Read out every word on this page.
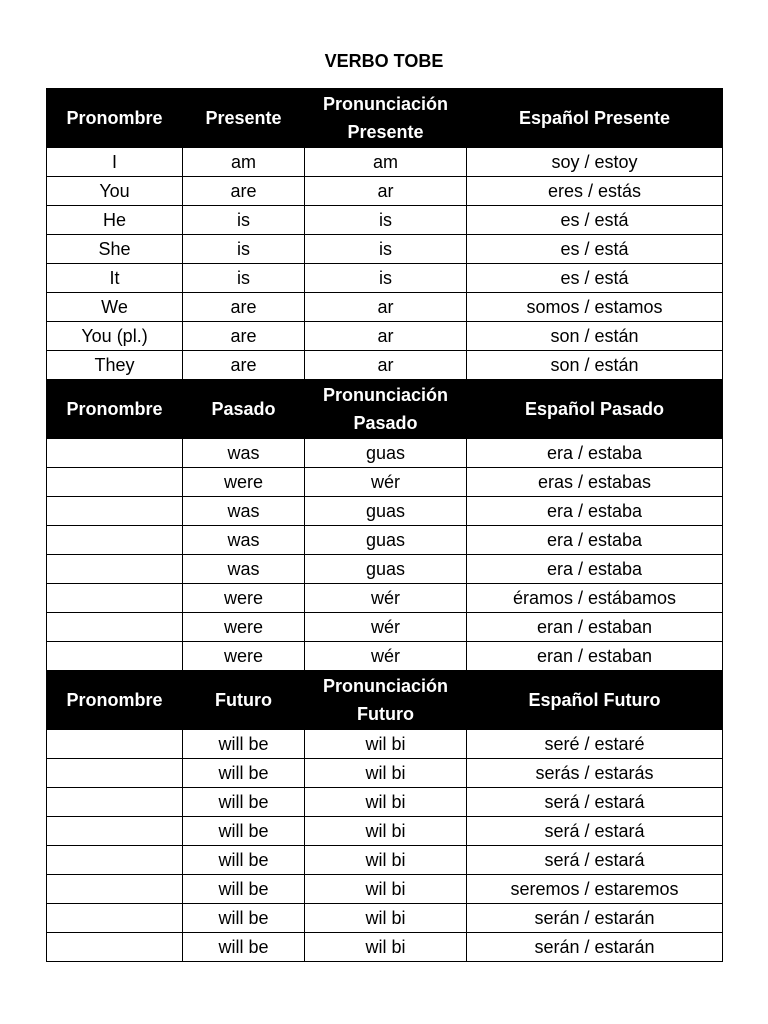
VERBO TOBE
Pronombre	Presente	Pronunciación Presente	Español Presente
I	am	am	soy / estoy
You	are	ar	eres / estás
He	is	is	es / está
She	is	is	es / está
It	is	is	es / está
We	are	ar	somos / estamos
You (pl.)	are	ar	son / están
They	are	ar	son / están
Pronombre	Pasado	Pronunciación Pasado	Español Pasado
	was	guas	era / estaba
	were	wér	eras / estabas
	was	guas	era / estaba
	was	guas	era / estaba
	was	guas	era / estaba
	were	wér	éramos / estábamos
	were	wér	eran / estaban
	were	wér	eran / estaban
Pronombre	Futuro	Pronunciación Futuro	Español Futuro
	will be	wil bi	seré / estaré
	will be	wil bi	serás / estarás
	will be	wil bi	será / estará
	will be	wil bi	será / estará
	will be	wil bi	será / estará
	will be	wil bi	seremos / estaremos
	will be	wil bi	serán / estarán
	will be	wil bi	serán / estarán
